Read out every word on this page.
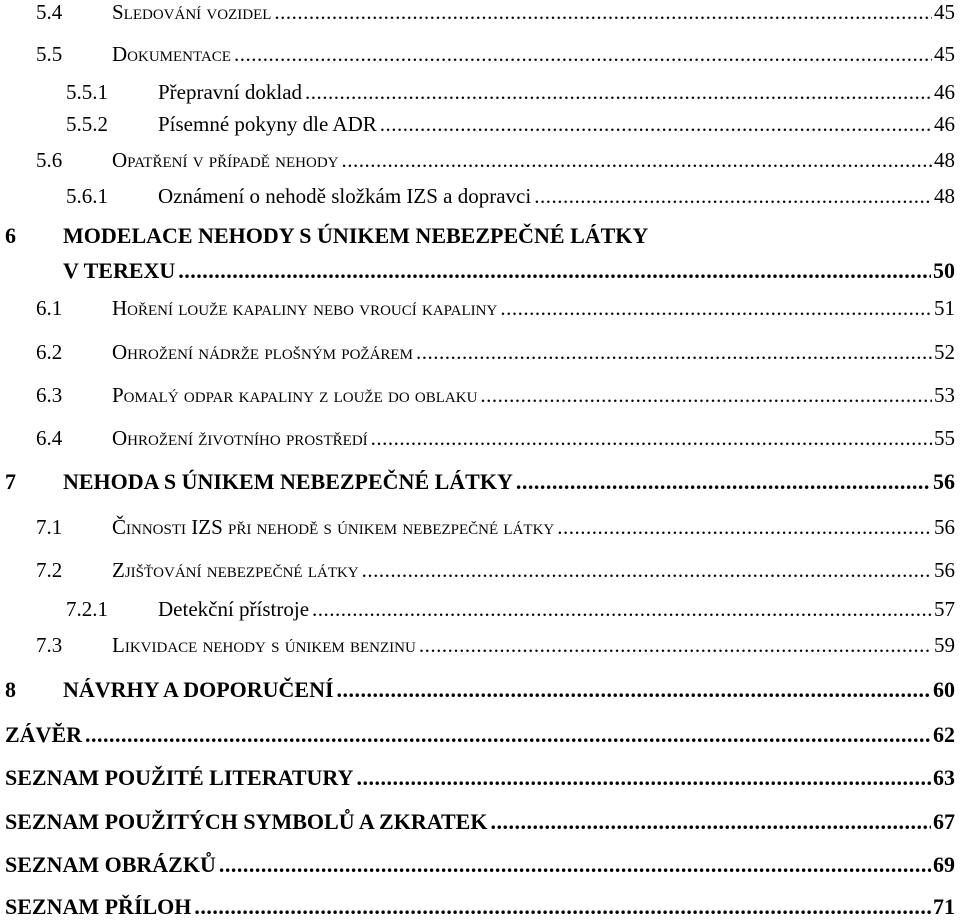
5.4	Sledování vozidel .....	45
5.5	Dokumentace .....	45
5.5.1	Přepravní doklad .....	46
5.5.2	Písemné pokyny dle ADR .....	46
5.6	Opatření v případě nehody .....	48
5.6.1	Oznámení o nehodě složkám IZS a dopravci .....	48
6 MODELACE NEHODY S ÚNIKEM NEBEZPEČNÉ LÁTKY
V TEREXU .....	50
6.1	Hoření louže kapaliny nebo vroucí kapaliny .....	51
6.2	Ohrožení nádrže plošným požárem .....	52
6.3	Pomalý odpar kapaliny z louže do oblaku .....	53
6.4	Ohrožení životního prostředí .....	55
7	NEHODA S ÚNIKEM NEBEZPEČNÉ LÁTKY .....	56
7.1	Činnosti IZS při nehodě s únikem nebezpečné látky .....	56
7.2	Zjišťování nebezpečné látky .....	56
7.2.1	Detekční přístroje .....	57
7.3	Likvidace nehody s únikem benzinu .....	59
8	NÁVRHY A DOPORUČENÍ .....	60
ZÁVĚR .....	62
SEZNAM POUŽITÉ LITERATURY .....	63
SEZNAM POUŽITÝCH SYMBOLŮ A ZKRATEK .....	67
SEZNAM OBRÁZKŮ .....	69
SEZNAM PŘÍLOH .....	71
